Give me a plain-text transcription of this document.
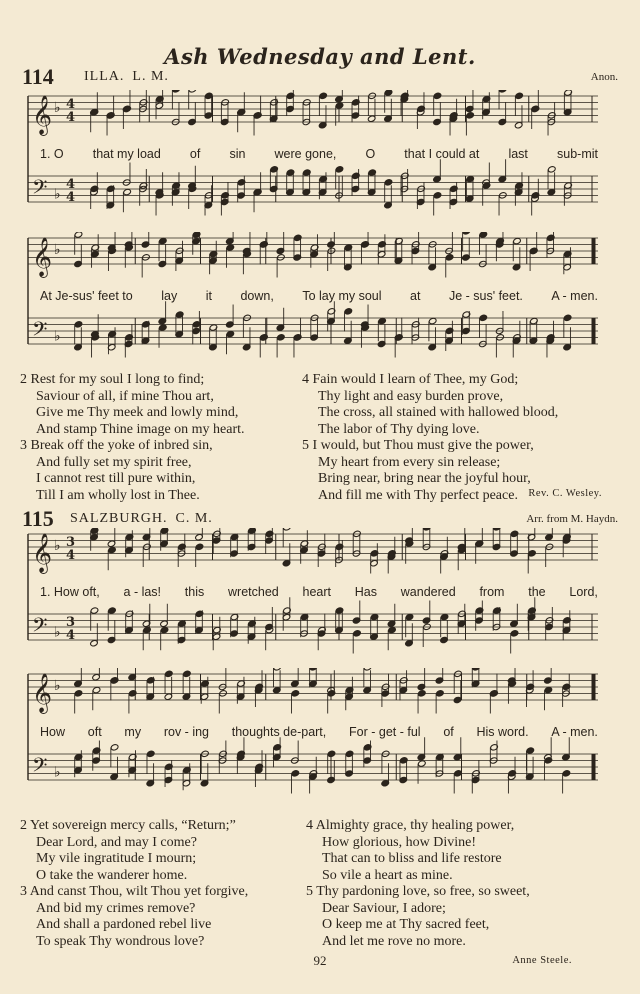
Ash Wednesday and Lent.
114 ILLA. L. M.	Anon.
𝄞 ♭ 4
4
𝄢 ♭
4
4
1. O that my load of sin were gone, O that I could at last sub-mit
𝄞 ♭
𝄢 ♭
At Je-sus' feet to lay it down, To lay my soul at Je - sus' feet. A - men.
2 Rest for my soul I long to find;
Saviour of all, if mine Thou art,
Give me Thy meek and lowly mind,
And stamp Thine image on my heart.
3 Break off the yoke of inbred sin,
And fully set my spirit free,
I cannot rest till pure within,
Till I am wholly lost in Thee.
4 Fain would I learn of Thee, my God;
Thy light and easy burden prove,
The cross, all stained with hallowed blood,
The labor of Thy dying love.
5 I would, but Thou must give the power,
My heart from every sin release;
Bring near, bring near the joyful hour,
And fill me with Thy perfect peace. Rev. C. Wesley.
115 SALZBURGH. C. M.	Arr. from M. Haydn.
𝄞 ♭ 3
4
𝄢 ♭
3
4
1. How oft, a - las! this wretched heart Has wandered from the Lord,
𝄞 ♭
𝄢 ♭
How oft my rov - ing thoughts de-part, For - get - ful of His word. A - men.
2 Yet sovereign mercy calls, “Return;”
Dear Lord, and may I come?
My vile ingratitude I mourn;
O take the wanderer home.
3 And canst Thou, wilt Thou yet forgive,
And bid my crimes remove?
And shall a pardoned rebel live
To speak Thy wondrous love?
4 Almighty grace, thy healing power,
How glorious, how Divine!
That can to bliss and life restore
So vile a heart as mine.
5 Thy pardoning love, so free, so sweet,
Dear Saviour, I adore;
O keep me at Thy sacred feet,
And let me rove no more.
92	Anne Steele.
